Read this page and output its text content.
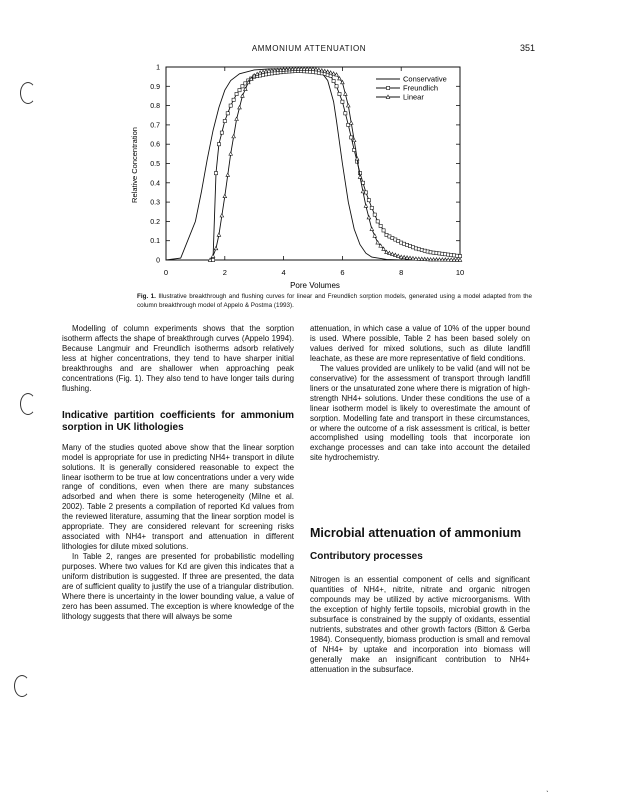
AMMONIUM ATTENUATION	351
0
0.1
0.2
0.3
0.4
0.5
0.6
0.7
0.8
0.9
1
0	2	4	6	8	10
Conservative
Freundlich
Linear
Pore Volumes
Relative Concentration
Fig. 1. Illustrative breakthrough and flushing curves for linear and Freundlich sorption models, generated using a model adapted from the column breakthrough model of Appelo & Postma (1993).

Modelling of column experiments shows that the sorption isotherm affects the shape of breakthrough curves (Appelo 1994). Because Langmuir and Freundlich isotherms adsorb relatively less at higher concentrations, they tend to have sharper initial breakthroughs and are shallower when approaching peak concentrations (Fig. 1). They also tend to have longer tails during flushing.

Indicative partition coefficients for ammonium sorption in UK lithologies

Many of the studies quoted above show that the linear sorption model is appropriate for use in predicting NH4+ transport in dilute solutions. It is generally considered reasonable to expect the linear isotherm to be true at low concentrations under a very wide range of conditions, even when there are many substances adsorbed and when there is some heterogeneity (Milne et al. 2002). Table 2 presents a compilation of reported Kd values from the reviewed literature, assuming that the linear sorption model is appropriate. They are considered relevant for screening risks associated with NH4+ transport and attenuation in different lithologies for dilute mixed solutions.

In Table 2, ranges are presented for probabilistic modelling purposes. Where two values for Kd are given this indicates that a uniform distribution is suggested. If three are presented, the data are of sufficient quality to justify the use of a triangular distribution. Where there is uncertainty in the lower bounding value, a value of zero has been assumed. The exception is where knowledge of the lithology suggests that there will always be some

attenuation, in which case a value of 10% of the upper bound is used. Where possible, Table 2 has been based solely on values derived for mixed solutions, such as dilute landfill leachate, as these are more representative of field conditions.

The values provided are unlikely to be valid (and will not be conservative) for the assessment of transport through landfill liners or the unsaturated zone where there is migration of high-strength NH4+ solutions. Under these conditions the use of a linear isotherm model is likely to overestimate the amount of sorption. Modelling fate and transport in these circumstances, or where the outcome of a risk assessment is critical, is better accomplished using modelling tools that incorporate ion exchange processes and can take into account the detailed site hydrochemistry.

Microbial attenuation of ammonium

Contributory processes

Nitrogen is an essential component of cells and significant quantities of NH4+, nitrite, nitrate and organic nitrogen compounds may be utilized by active microorganisms. With the exception of highly fertile topsoils, microbial growth in the subsurface is constrained by the supply of oxidants, essential nutrients, substrates and other growth factors (Bitton & Gerba 1984). Consequently, biomass production is small and removal of NH4+ by uptake and incorporation into biomass will generally make an insignificant contribution to NH4+ attenuation in the subsurface.

ˋ
